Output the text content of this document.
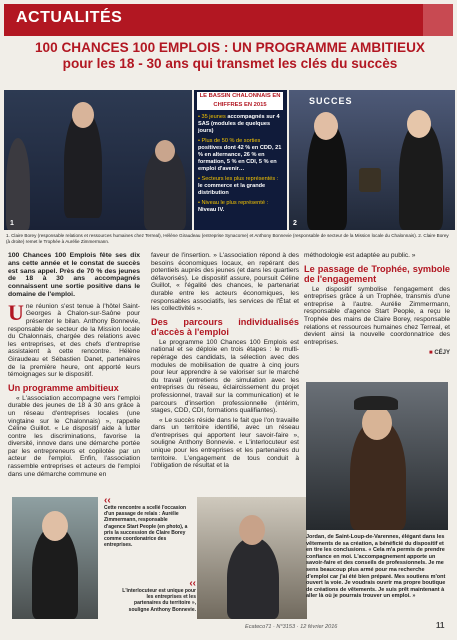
ACTUALITÉS
100 CHANCES 100 EMPLOIS : UN PROGRAMME AMBITIEUX
pour les 18 - 30 ans qui transmet les clés du succès
1
LE BASSIN CHALONNAIS EN CHIFFRES EN 2015
• 35 jeunes accompagnés sur 4 SAS (modules de quelques jours)
• Plus de 50 % de sorties positives dont 42 % en CDD, 21 % en alternance, 26 % en formation, 5 % en CDI, 5 % en emploi d'avenir…
• Secteurs les plus représentés : le commerce et la grande distribution
• Niveau le plus représenté : Niveau IV.
SUCCES
2
1. Claire Borey (responsable relations et ressources humaines chez Terreal), Hélène Giraudeau (entreprise Synacome) et Anthony Bonnevie (responsable de secteur de la Mission locale du Chalonnais). 2. Claire Borey (à droite) remet le Trophée à Aurélie Zimmermann.
100 Chances 100 Emplois fête ses dix ans cette année et le constat de succès est sans appel. Près de 70 % des jeunes de 18 à 30 ans accompagnés connaissent une sortie positive dans le domaine de l'emploi.

Une réunion s'est tenue à l'hôtel Saint-Georges à Chalon-sur-Saône pour présenter le bilan. Anthony Bonnevie, responsable de secteur de la Mission locale du Chalonnais, chargée des relations avec les entreprises, et des chefs d'entreprise assistaient à cette rencontre. Hélène Giraudeau et Sébastien Danet, partenaires de la première heure, ont apporté leurs témoignages sur le dispositif.

Un programme ambitieux

« L'association accompagne vers l'emploi durable des jeunes de 18 à 30 ans grâce à un réseau d'entreprises locales (une vingtaine sur le Chalonnais) », rappelle Céline Guillot. « Le dispositif aide à lutter contre les discriminations, favorise la diversité, innove dans une démarche portée par les entrepreneurs et copilotée par un acteur de l'emploi. Enfin, l'association rassemble entreprises et acteurs de l'emploi dans une démarche commune en

faveur de l'insertion. » L'association répond à des besoins économiques locaux, en repérant des potentiels auprès des jeunes (et dans les quartiers défavorisés). Le dispositif assure, poursuit Céline Guillot, « l'égalité des chances, le partenariat durable entre les acteurs économiques, les responsables associatifs, les services de l'État et les collectivités ».

Des parcours individualisés d'accès à l'emploi

Le programme 100 Chances 100 Emplois est national et se déploie en trois étapes : le multi-repérage des candidats, la sélection avec des modules de mobilisation de quatre à cinq jours pour leur apprendre à se valoriser sur le marché du travail (entretiens de simulation avec les entreprises du réseau, éclaircissement du projet professionnel, travail sur la communication) et le parcours d'insertion professionnelle (intérim, stages, CDD, CDI, formations qualifiantes).

« Le succès réside dans le fait que l'on travaille dans un territoire identifié, avec un réseau d'entreprises qui apportent leur savoir-faire », souligne Anthony Bonnevie. « L'interlocuteur est unique pour les entreprises et les partenaires du territoire. L'engagement de tous conduit à l'obligation de résultat et la

méthodologie est adaptée au public. »

Le passage de Trophée, symbole de l'engagement

Le dispositif symbolise l'engagement des entreprises grâce à un Trophée, transmis d'une entreprise à l'autre. Aurélie Zimmermann, responsable d'agence Start People, a reçu le Trophée des mains de Claire Borey, responsable relations et ressources humaines chez Terreal, et devient ainsi la nouvelle coordonnatrice des entreprises.

■ CÉJY
‹‹
Cette rencontre a scellé l'occasion d'un passage de relais : Aurélie Zimmermann, responsable d'agence Start People (en photo), a pris la succession de Claire Borey comme coordonatrice des entreprises.
‹‹
L'interlocuteur est unique pour les entreprises et les partenaires du territoire », souligne Anthony Bonnevie.
Jordan, de Saint-Loup-de-Varennes, élégant dans les vêtements de sa création, a bénéficié du dispositif et en tire les conclusions. « Cela m'a permis de prendre confiance en moi. L'accompagnement apporte un savoir-faire et des conseils de professionnels. Je me sens beaucoup plus armé pour ma recherche d'emploi car j'ai été bien préparé. Mes soutiens m'ont ouvert la voie. Je voudrais ouvrir ma propre boutique de créations de vêtements. Je suis prêt maintenant à aller là où je pourrais trouver un emploi. »
Ecateco71 · N°3153 · 12 février 2016	11
